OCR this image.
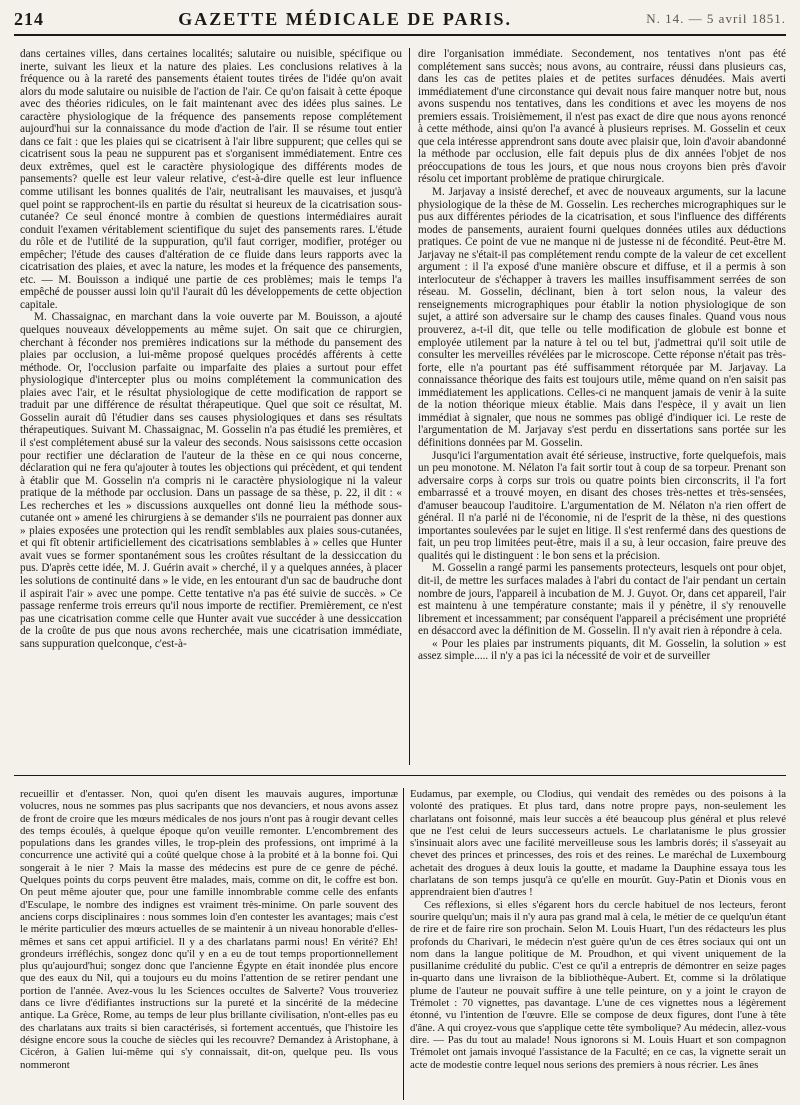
214	GAZETTE MÉDICALE DE PARIS.	N. 14. — 5 avril 1851.

dans certaines villes, dans certaines localités; salutaire ou nuisible, spécifique ou inerte, suivant les lieux et la nature des plaies. Les conclusions relatives à la fréquence ou à la rareté des pansements étaient toutes tirées de l'idée qu'on avait alors du mode salutaire ou nuisible de l'action de l'air. Ce qu'on faisait à cette époque avec des théories ridicules, on le fait maintenant avec des idées plus saines. Le caractère physiologique de la fréquence des pansements repose complétement aujourd'hui sur la connaissance du mode d'action de l'air. Il se résume tout entier dans ce fait : que les plaies qui se cicatrisent à l'air libre suppurent; que celles qui se cicatrisent sous la peau ne suppurent pas et s'organisent immédiatement. Entre ces deux extrêmes, quel est le caractère physiologique des différents modes de pansements? quelle est leur valeur relative, c'est-à-dire quelle est leur influence comme utilisant les bonnes qualités de l'air, neutralisant les mauvaises, et jusqu'à quel point se rapprochent-ils en partie du résultat si heureux de la cicatrisation sous-cutanée? Ce seul énoncé montre à combien de questions intermédiaires aurait conduit l'examen véritablement scientifique du sujet des pansements rares. L'étude du rôle et de l'utilité de la suppuration, qu'il faut corriger, modifier, protéger ou empêcher; l'étude des causes d'altération de ce fluide dans leurs rapports avec la cicatrisation des plaies, et avec la nature, les modes et la fréquence des pansements, etc. — M. Bouisson a indiqué une partie de ces problèmes; mais le temps l'a empêché de pousser aussi loin qu'il l'aurait dû les développements de cette objection capitale.

M. Chassaignac, en marchant dans la voie ouverte par M. Bouisson, a ajouté quelques nouveaux développements au même sujet. On sait que ce chirurgien, cherchant à féconder nos premières indications sur la méthode du pansement des plaies par occlusion, a lui-même proposé quelques procédés afférents à cette méthode. Or, l'occlusion parfaite ou imparfaite des plaies a surtout pour effet physiologique d'intercepter plus ou moins complétement la communication des plaies avec l'air, et le résultat physiologique de cette modification de rapport se traduit par une différence de résultat thérapeutique. Quel que soit ce résultat, M. Gosselin aurait dû l'étudier dans ses causes physiologiques et dans ses résultats thérapeutiques. Suivant M. Chassaignac, M. Gosselin n'a pas étudié les premières, et il s'est complétement abusé sur la valeur des seconds. Nous saisissons cette occasion pour rectifier une déclaration de l'auteur de la thèse en ce qui nous concerne, déclaration qui ne fera qu'ajouter à toutes les objections qui précèdent, et qui tendent à établir que M. Gosselin n'a compris ni le caractère physiologique ni la valeur pratique de la méthode par occlusion. Dans un passage de sa thèse, p. 22, il dit : « Les recherches et les » discussions auxquelles ont donné lieu la méthode sous-cutanée ont » amené les chirurgiens à se demander s'ils ne pourraient pas donner aux » plaies exposées une protection qui les rendît semblables aux plaies sous-cutanées, et qui fît obtenir artificiellement des cicatrisations semblables à » celles que Hunter avait vues se former spontanément sous les croûtes résultant de la dessiccation du pus. D'après cette idée, M. J. Guérin avait » cherché, il y a quelques années, à placer les solutions de continuité dans » le vide, en les entourant d'un sac de baudruche dont il aspirait l'air » avec une pompe. Cette tentative n'a pas été suivie de succès. » Ce passage renferme trois erreurs qu'il nous importe de rectifier. Premièrement, ce n'est pas une cicatrisation comme celle que Hunter avait vue succéder à une dessiccation de la croûte de pus que nous avons recherchée, mais une cicatrisation immédiate, sans suppuration quelconque, c'est-à-

dire l'organisation immédiate. Secondement, nos tentatives n'ont pas été complétement sans succès; nous avons, au contraire, réussi dans plusieurs cas, dans les cas de petites plaies et de petites surfaces dénudées. Mais averti immédiatement d'une circonstance qui devait nous faire manquer notre but, nous avons suspendu nos tentatives, dans les conditions et avec les moyens de nos premiers essais. Troisièmement, il n'est pas exact de dire que nous ayons renoncé à cette méthode, ainsi qu'on l'a avancé à plusieurs reprises. M. Gosselin et ceux que cela intéresse apprendront sans doute avec plaisir que, loin d'avoir abandonné la méthode par occlusion, elle fait depuis plus de dix années l'objet de nos préoccupations de tous les jours, et que nous nous croyons bien près d'avoir résolu cet important problème de pratique chirurgicale.

M. Jarjavay a insisté derechef, et avec de nouveaux arguments, sur la lacune physiologique de la thèse de M. Gosselin. Les recherches micrographiques sur le pus aux différentes périodes de la cicatrisation, et sous l'influence des différents modes de pansements, auraient fourni quelques données utiles aux déductions pratiques. Ce point de vue ne manque ni de justesse ni de fécondité. Peut-être M. Jarjavay ne s'était-il pas complétement rendu compte de la valeur de cet excellent argument : il l'a exposé d'une manière obscure et diffuse, et il a permis à son interlocuteur de s'échapper à travers les mailles insuffisamment serrées de son réseau. M. Gosselin, déclinant, bien à tort selon nous, la valeur des renseignements micrographiques pour établir la notion physiologique de son sujet, a attiré son adversaire sur le champ des causes finales. Quand vous nous prouverez, a-t-il dit, que telle ou telle modification de globule est bonne et employée utilement par la nature à tel ou tel but, j'admettrai qu'il soit utile de consulter les merveilles révélées par le microscope. Cette réponse n'était pas très-forte, elle n'a pourtant pas été suffisamment rétorquée par M. Jarjavay. La connaissance théorique des faits est toujours utile, même quand on n'en saisit pas immédiatement les applications. Celles-ci ne manquent jamais de venir à la suite de la notion théorique mieux établie. Mais dans l'espèce, il y avait un lien immédiat à signaler, que nous ne sommes pas obligé d'indiquer ici. Le reste de l'argumentation de M. Jarjavay s'est perdu en dissertations sans portée sur les définitions données par M. Gosselin.

Jusqu'ici l'argumentation avait été sérieuse, instructive, forte quelquefois, mais un peu monotone. M. Nélaton l'a fait sortir tout à coup de sa torpeur. Prenant son adversaire corps à corps sur trois ou quatre points bien circonscrits, il l'a fort embarrassé et a trouvé moyen, en disant des choses très-nettes et très-sensées, d'amuser beaucoup l'auditoire. L'argumentation de M. Nélaton n'a rien offert de général. Il n'a parlé ni de l'économie, ni de l'esprit de la thèse, ni des questions importantes soulevées par le sujet en litige. Il s'est renfermé dans des questions de fait, un peu trop limitées peut-être, mais il a su, à leur occasion, faire preuve des qualités qui le distinguent : le bon sens et la précision.

M. Gosselin a rangé parmi les pansements protecteurs, lesquels ont pour objet, dit-il, de mettre les surfaces malades à l'abri du contact de l'air pendant un certain nombre de jours, l'appareil à incubation de M. J. Guyot. Or, dans cet appareil, l'air est maintenu à une température constante; mais il y pénètre, il s'y renouvelle librement et incessamment; par conséquent l'appareil a précisément une propriété en désaccord avec la définition de M. Gosselin. Il n'y avait rien à répondre à cela.

« Pour les plaies par instruments piquants, dit M. Gosselin, la solution » est assez simple..... il n'y a pas ici la nécessité de voir et de surveiller

recueillir et d'entasser. Non, quoi qu'en disent les mauvais augures, importunæ volucres, nous ne sommes pas plus sacripants que nos devanciers, et nous avons assez de front de croire que les mœurs médicales de nos jours n'ont pas à rougir devant celles des temps écoulés, à quelque époque qu'on veuille remonter. L'encombrement des populations dans les grandes villes, le trop-plein des professions, ont imprimé à la concurrence une activité qui a coûté quelque chose à la probité et à la bonne foi. Qui songerait à le nier ? Mais la masse des médecins est pure de ce genre de péché. Quelques points du corps peuvent être malades, mais, comme on dit, le coffre est bon. On peut même ajouter que, pour une famille innombrable comme celle des enfants d'Esculape, le nombre des indignes est vraiment très-minime. On parle souvent des anciens corps disciplinaires : nous sommes loin d'en contester les avantages; mais c'est le mérite particulier des mœurs actuelles de se maintenir à un niveau honorable d'elles-mêmes et sans cet appui artificiel. Il y a des charlatans parmi nous! En vérité? Eh! grondeurs irréfléchis, songez donc qu'il y en a eu de tout temps proportionnellement plus qu'aujourd'hui; songez donc que l'ancienne Égypte en était inondée plus encore que des eaux du Nil, qui a toujours eu du moins l'attention de se retirer pendant une portion de l'année. Avez-vous lu les Sciences occultes de Salverte? Vous trouveriez dans ce livre d'édifiantes instructions sur la pureté et la sincérité de la médecine antique. La Grèce, Rome, au temps de leur plus brillante civilisation, n'ont-elles pas eu des charlatans aux traits si bien caractérisés, si fortement accentués, que l'histoire les désigne encore sous la couche de siècles qui les recouvre? Demandez à Aristophane, à Cicéron, à Galien lui-même qui s'y connaissait, dit-on, quelque peu. Ils vous nommeront

Eudamus, par exemple, ou Clodius, qui vendait des remèdes ou des poisons à la volonté des pratiques. Et plus tard, dans notre propre pays, non-seulement les charlatans ont foisonné, mais leur succès a été beaucoup plus général et plus relevé que ne l'est celui de leurs successeurs actuels. Le charlatanisme le plus grossier s'insinuait alors avec une facilité merveilleuse sous les lambris dorés; il s'asseyait au chevet des princes et princesses, des rois et des reines. Le maréchal de Luxembourg achetait des drogues à deux louis la goutte, et madame la Dauphine essaya tous les charlatans de son temps jusqu'à ce qu'elle en mourût. Guy-Patin et Dionis vous en apprendraient bien d'autres !

Ces réflexions, si elles s'égarent hors du cercle habituel de nos lecteurs, feront sourire quelqu'un; mais il n'y aura pas grand mal à cela, le métier de ce quelqu'un étant de rire et de faire rire son prochain. Selon M. Louis Huart, l'un des rédacteurs les plus profonds du Charivari, le médecin n'est guère qu'un de ces êtres sociaux qui ont un nom dans la langue politique de M. Proudhon, et qui vivent uniquement de la pusillanime crédulité du public. C'est ce qu'il a entrepris de démontrer en seize pages in-quarto dans une livraison de la bibliothèque-Aubert. Et, comme si la drôlatique plume de l'auteur ne pouvait suffire à une telle peinture, on y a joint le crayon de Trémolet : 70 vignettes, pas davantage. L'une de ces vignettes nous a légèrement étonné, vu l'intention de l'œuvre. Elle se compose de deux figures, dont l'une à tête d'âne. A qui croyez-vous que s'applique cette tête symbolique? Au médecin, allez-vous dire. — Pas du tout au malade! Nous ignorons si M. Louis Huart et son compagnon Trémolet ont jamais invoqué l'assistance de la Faculté; en ce cas, la vignette serait un acte de modestie contre lequel nous serions des premiers à nous récrier. Les ânes
